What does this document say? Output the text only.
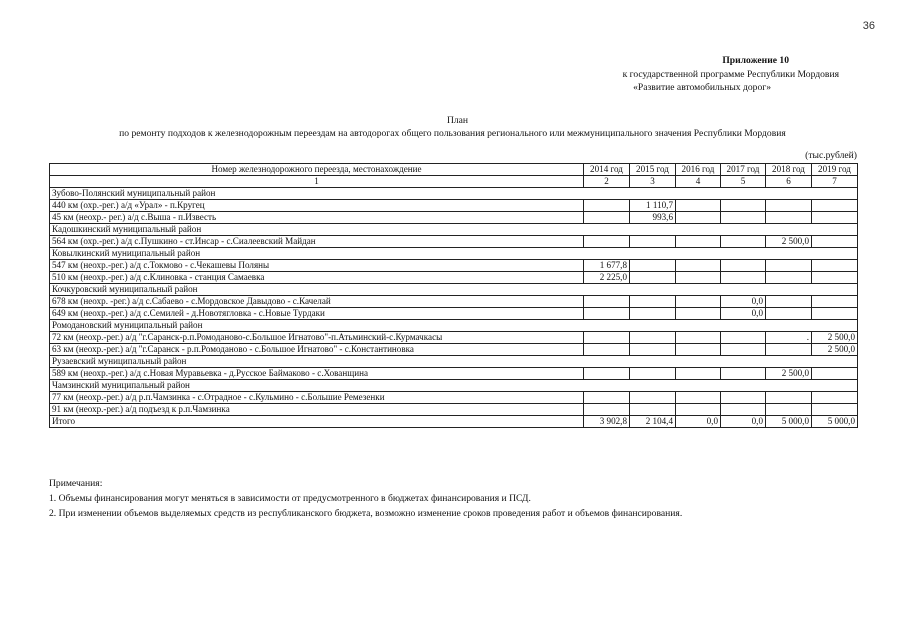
36
Приложение 10
к государственной программе Республики Мордовия
«Развитие автомобильных дорог»
План
по ремонту подходов к железнодорожным переездам на автодорогах общего пользования регионального или межмуниципального значения Республики Мордовия
(тыс.рублей)
Номер железнодорожного переезда, местонахождение	2014 год	2015 год	2016 год	2017 год	2018 год	2019 год
1	2	3	4	5	6	7
Зубово-Полянский муниципальный район						
440 км (охр.-рег.) а/д «Урал» - п.Кругец		1 110,7				
45 км (неохр.- рег.) а/д с.Выша - п.Известь		993,6				
Кадошкинский муниципальный район						
564 км (охр.-рег.) а/д с.Пушкино - ст.Инсар - с.Сиалеевский Майдан					2 500,0	
Ковылкинский муниципальный район						
547 км (неохр.-рег.) а/д с.Токмово - с.Чекашевы Поляны	1 677,8					
510 км (неохр.-рег.) а/д с.Клиновка - станция Самаевка	2 225,0					
Кочкуровский муниципальный район						
678 км (неохр. -рег.) а/д с.Сабаево - с.Мордовское Давыдово - с.Качелай				0,0		
649 км (неохр.-рег.) а/д с.Семилей - д.Новотягловка - с.Новые Турдаки				0,0		
Ромодановский муниципальный район						
72 км (неохр.-рег.) а/д "г.Саранск-р.п.Ромоданово-с.Большое Игнатово"-п.Атьминский-с.Курмачкасы					.	2 500,0
63 км (неохр.-рег.) а/д "г.Саранск - р.п.Ромоданово - с.Большое Игнатово" - с.Константиновка						2 500,0
Рузаевский муниципальный район						
589 км (неохр.-рег.) а/д с.Новая Муравьевка - д.Русское Баймаково - с.Хованщина					2 500,0	
Чамзинский муниципальный район						
77 км (неохр.-рег.) а/д р.п.Чамзинка - с.Отрадное - с.Кульмино - с.Большие Ремезенки						
91 км (неохр.-рег.) а/д подъезд к р.п.Чамзинка						
Итого	3 902,8	2 104,4	0,0	0,0	5 000,0	5 000,0
Примечания:
1. Объемы финансирования могут меняться в зависимости от предусмотренного в бюджетах финансирования и ПСД.
2. При изменении объемов выделяемых средств из республиканского бюджета, возможно изменение сроков проведения работ и объемов финансирования.
